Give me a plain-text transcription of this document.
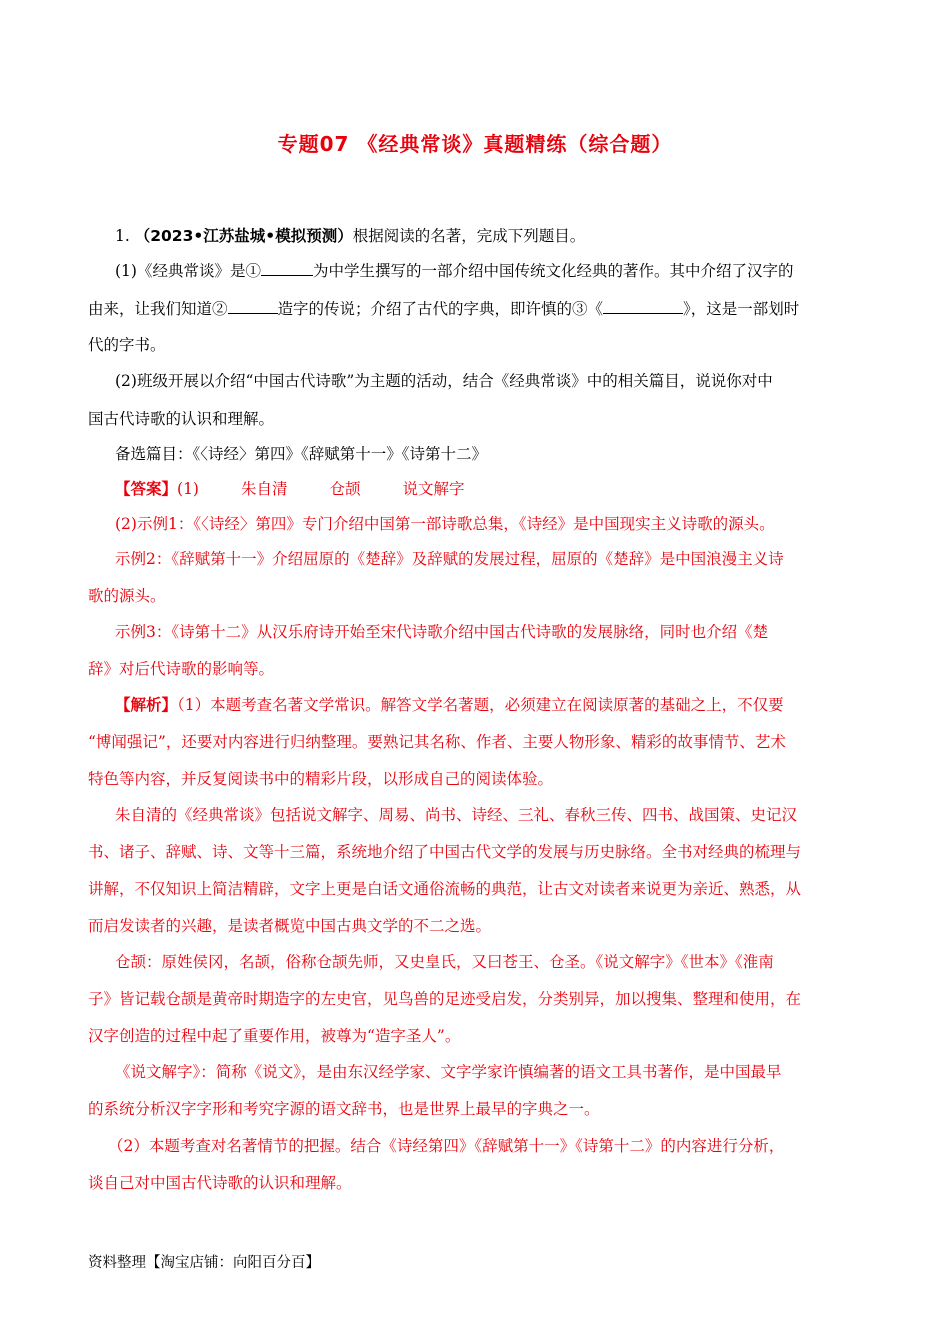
专题07 《经典常谈》真题精练（综合题）
1. （2023•江苏盐城•模拟预测）根据阅读的名著，完成下列题目。
(1)《经典常谈》是①	为中学生撰写的一部介绍中国传统文化经典的著作。其中介绍了汉字的
由来，让我们知道②	造字的传说；介绍了古代的字典，即许慎的③《	》，这是一部划时
代的字书。
(2)班级开展以介绍“中国古代诗歌”为主题的活动，结合《经典常谈》中的相关篇目，说说你对中
国古代诗歌的认识和理解。
备选篇目：《〈诗经〉第四》《辞赋第十一》《诗第十二》
【答案】(1)	朱自清	仓颉	说文解字
(2)示例1：《〈诗经〉第四》专门介绍中国第一部诗歌总集，《诗经》是中国现实主义诗歌的源头。
示例2：《辞赋第十一》介绍屈原的《楚辞》及辞赋的发展过程，屈原的《楚辞》是中国浪漫主义诗
歌的源头。
示例3：《诗第十二》从汉乐府诗开始至宋代诗歌介绍中国古代诗歌的发展脉络，同时也介绍《楚
辞》对后代诗歌的影响等。
【解析】（1）本题考查名著文学常识。解答文学名著题，必须建立在阅读原著的基础之上，不仅要
“博闻强记”，还要对内容进行归纳整理。要熟记其名称、作者、主要人物形象、精彩的故事情节、艺术
特色等内容，并反复阅读书中的精彩片段，以形成自己的阅读体验。
朱自清的《经典常谈》包括说文解字、周易、尚书、诗经、三礼、春秋三传、四书、战国策、史记汉
书、诸子、辞赋、诗、文等十三篇，系统地介绍了中国古代文学的发展与历史脉络。全书对经典的梳理与
讲解，不仅知识上简洁精辟，文字上更是白话文通俗流畅的典范，让古文对读者来说更为亲近、熟悉，从
而启发读者的兴趣，是读者概览中国古典文学的不二之选。
仓颉：原姓侯冈，名颉，俗称仓颉先师，又史皇氏，又曰苍王、仓圣。《说文解字》《世本》《淮南
子》皆记载仓颉是黄帝时期造字的左史官，见鸟兽的足迹受启发，分类别异，加以搜集、整理和使用，在
汉字创造的过程中起了重要作用，被尊为“造字圣人”。
《说文解字》：简称《说文》，是由东汉经学家、文字学家许慎编著的语文工具书著作，是中国最早
的系统分析汉字字形和考究字源的语文辞书，也是世界上最早的字典之一。
（2）本题考查对名著情节的把握。结合《诗经第四》《辞赋第十一》《诗第十二》的内容进行分析，
谈自己对中国古代诗歌的认识和理解。
资料整理【淘宝店铺：向阳百分百】
